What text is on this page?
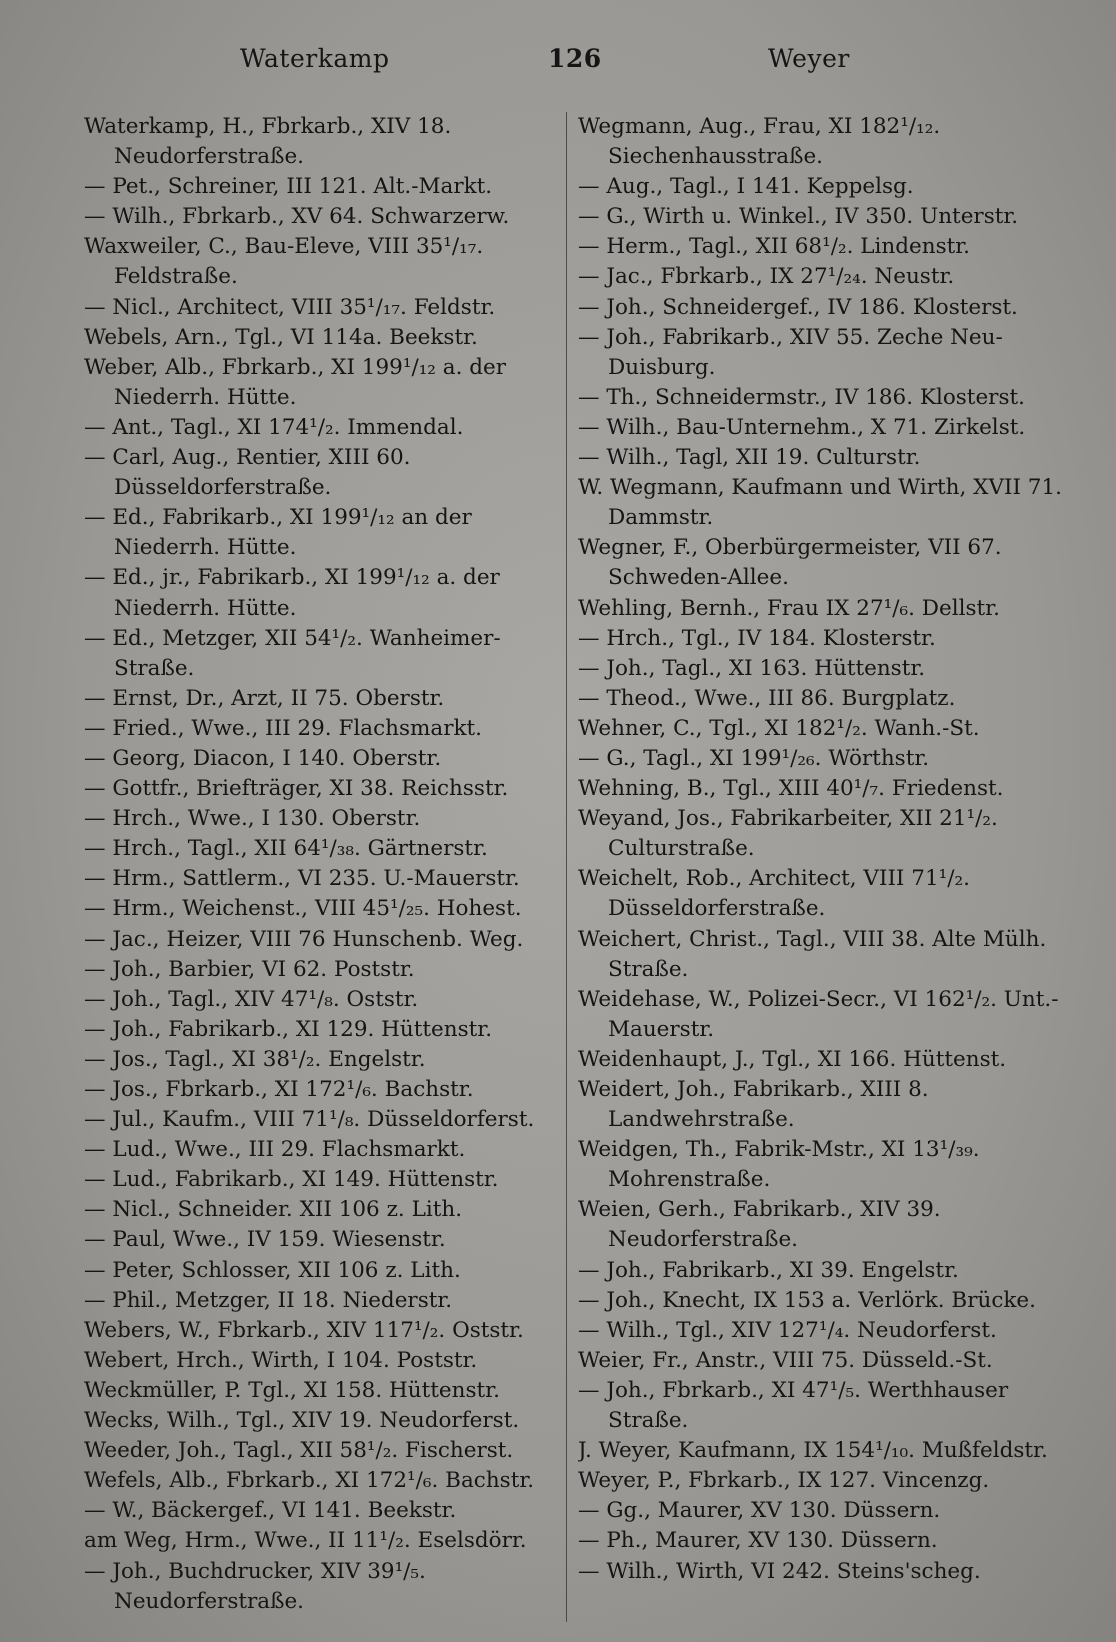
Waterkamp	126	Weyer

Waterkamp, H., Fbrkarb., XIV 18. Neudorferstraße.

— Pet., Schreiner, III 121. Alt.-Markt.

— Wilh., Fbrkarb., XV 64. Schwarzerw.

Waxweiler, C., Bau-Eleve, VIII 35¹/₁₇. Feldstraße.

— Nicl., Architect, VIII 35¹/₁₇. Feldstr.

Webels, Arn., Tgl., VI 114a. Beekstr.

Weber, Alb., Fbrkarb., XI 199¹/₁₂ a. der Niederrh. Hütte.

— Ant., Tagl., XI 174¹/₂. Immendal.

— Carl, Aug., Rentier, XIII 60. Düsseldorferstraße.

— Ed., Fabrikarb., XI 199¹/₁₂ an der Niederrh. Hütte.

— Ed., jr., Fabrikarb., XI 199¹/₁₂ a. der Niederrh. Hütte.

— Ed., Metzger, XII 54¹/₂. Wanheimer-Straße.

— Ernst, Dr., Arzt, II 75. Oberstr.

— Fried., Wwe., III 29. Flachsmarkt.

— Georg, Diacon, I 140. Oberstr.

— Gottfr., Briefträger, XI 38. Reichsstr.

— Hrch., Wwe., I 130. Oberstr.

— Hrch., Tagl., XII 64¹/₃₈. Gärtnerstr.

— Hrm., Sattlerm., VI 235. U.-Mauerstr.

— Hrm., Weichenst., VIII 45¹/₂₅. Hohest.

— Jac., Heizer, VIII 76 Hunschenb. Weg.

— Joh., Barbier, VI 62. Poststr.

— Joh., Tagl., XIV 47¹/₈. Oststr.

— Joh., Fabrikarb., XI 129. Hüttenstr.

— Jos., Tagl., XI 38¹/₂. Engelstr.

— Jos., Fbrkarb., XI 172¹/₆. Bachstr.

— Jul., Kaufm., VIII 71¹/₈. Düsseldorferst.

— Lud., Wwe., III 29. Flachsmarkt.

— Lud., Fabrikarb., XI 149. Hüttenstr.

— Nicl., Schneider. XII 106 z. Lith.

— Paul, Wwe., IV 159. Wiesenstr.

— Peter, Schlosser, XII 106 z. Lith.

— Phil., Metzger, II 18. Niederstr.

Webers, W., Fbrkarb., XIV 117¹/₂. Oststr.

Webert, Hrch., Wirth, I 104. Poststr.

Weckmüller, P. Tgl., XI 158. Hüttenstr.

Wecks, Wilh., Tgl., XIV 19. Neudorferst.

Weeder, Joh., Tagl., XII 58¹/₂. Fischerst.

Wefels, Alb., Fbrkarb., XI 172¹/₆. Bachstr.

— W., Bäckergef., VI 141. Beekstr.

am Weg, Hrm., Wwe., II 11¹/₂. Eselsdörr.

— Joh., Buchdrucker, XIV 39¹/₅. Neudorferstraße.

Wegmann, Aug., Frau, XI 182¹/₁₂. Siechenhausstraße.

— Aug., Tagl., I 141. Keppelsg.

— G., Wirth u. Winkel., IV 350. Unterstr.

— Herm., Tagl., XII 68¹/₂. Lindenstr.

— Jac., Fbrkarb., IX 27¹/₂₄. Neustr.

— Joh., Schneidergef., IV 186. Klosterst.

— Joh., Fabrikarb., XIV 55. Zeche Neu-Duisburg.

— Th., Schneidermstr., IV 186. Klosterst.

— Wilh., Bau-Unternehm., X 71. Zirkelst.

— Wilh., Tagl, XII 19. Culturstr.

W. Wegmann, Kaufmann und Wirth, XVII 71. Dammstr.

Wegner, F., Oberbürgermeister, VII 67. Schweden-Allee.

Wehling, Bernh., Frau IX 27¹/₆. Dellstr.

— Hrch., Tgl., IV 184. Klosterstr.

— Joh., Tagl., XI 163. Hüttenstr.

— Theod., Wwe., III 86. Burgplatz.

Wehner, C., Tgl., XI 182¹/₂. Wanh.-St.

— G., Tagl., XI 199¹/₂₆. Wörthstr.

Wehning, B., Tgl., XIII 40¹/₇. Friedenst.

Weyand, Jos., Fabrikarbeiter, XII 21¹/₂. Culturstraße.

Weichelt, Rob., Architect, VIII 71¹/₂. Düsseldorferstraße.

Weichert, Christ., Tagl., VIII 38. Alte Mülh. Straße.

Weidehase, W., Polizei-Secr., VI 162¹/₂. Unt.-Mauerstr.

Weidenhaupt, J., Tgl., XI 166. Hüttenst.

Weidert, Joh., Fabrikarb., XIII 8. Landwehrstraße.

Weidgen, Th., Fabrik-Mstr., XI 13¹/₃₉. Mohrenstraße.

Weien, Gerh., Fabrikarb., XIV 39. Neudorferstraße.

— Joh., Fabrikarb., XI 39. Engelstr.

— Joh., Knecht, IX 153 a. Verlörk. Brücke.

— Wilh., Tgl., XIV 127¹/₄. Neudorferst.

Weier, Fr., Anstr., VIII 75. Düsseld.-St.

— Joh., Fbrkarb., XI 47¹/₅. Werthhauser Straße.

J. Weyer, Kaufmann, IX 154¹/₁₀. Mußfeldstr.

Weyer, P., Fbrkarb., IX 127. Vincenzg.

— Gg., Maurer, XV 130. Düssern.

— Ph., Maurer, XV 130. Düssern.

— Wilh., Wirth, VI 242. Steins'scheg.
